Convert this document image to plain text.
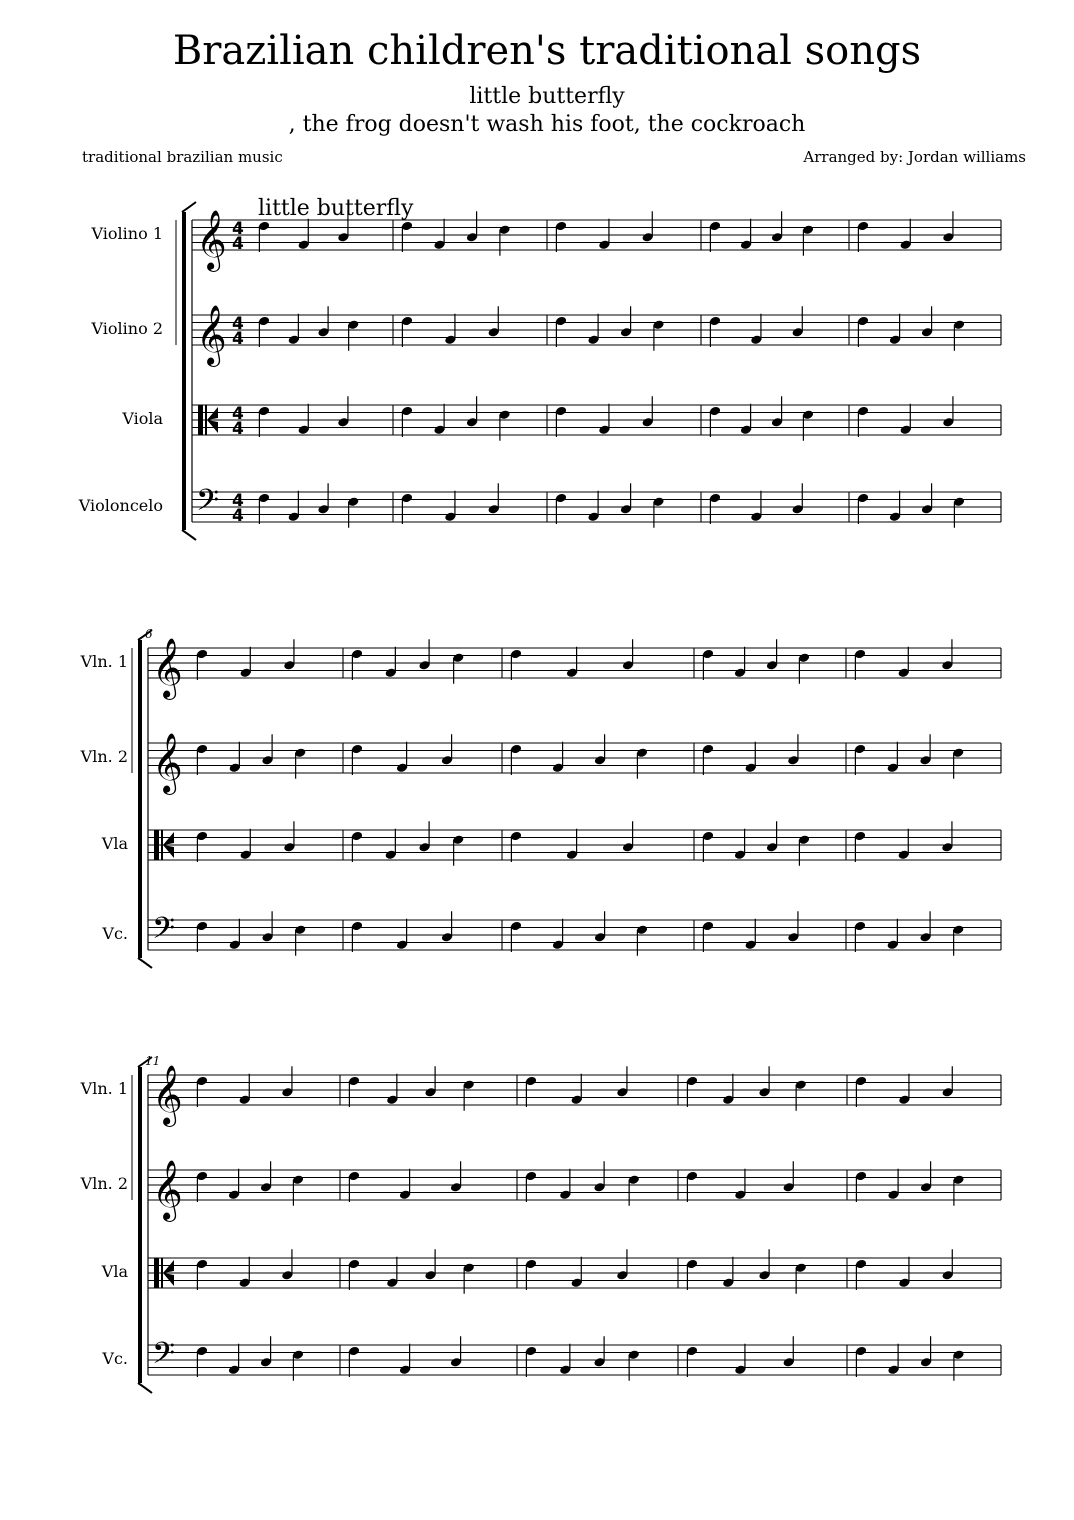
Brazilian children's traditional songs
little butterfly
, the frog doesn't wash his foot, the cockroach
traditional brazilian music	Arranged by: Jordan williams
little butterfly
Violino 1 𝄞 4
4
Violino 2 𝄞 4
4
Viola	4
4
Violoncelo 𝄢 4
4
6
Vln. 1 𝄞
Vln. 2 𝄞
Vla
Vc. 𝄢
11
Vln. 1 𝄞
Vln. 2 𝄞
Vla
Vc. 𝄢
